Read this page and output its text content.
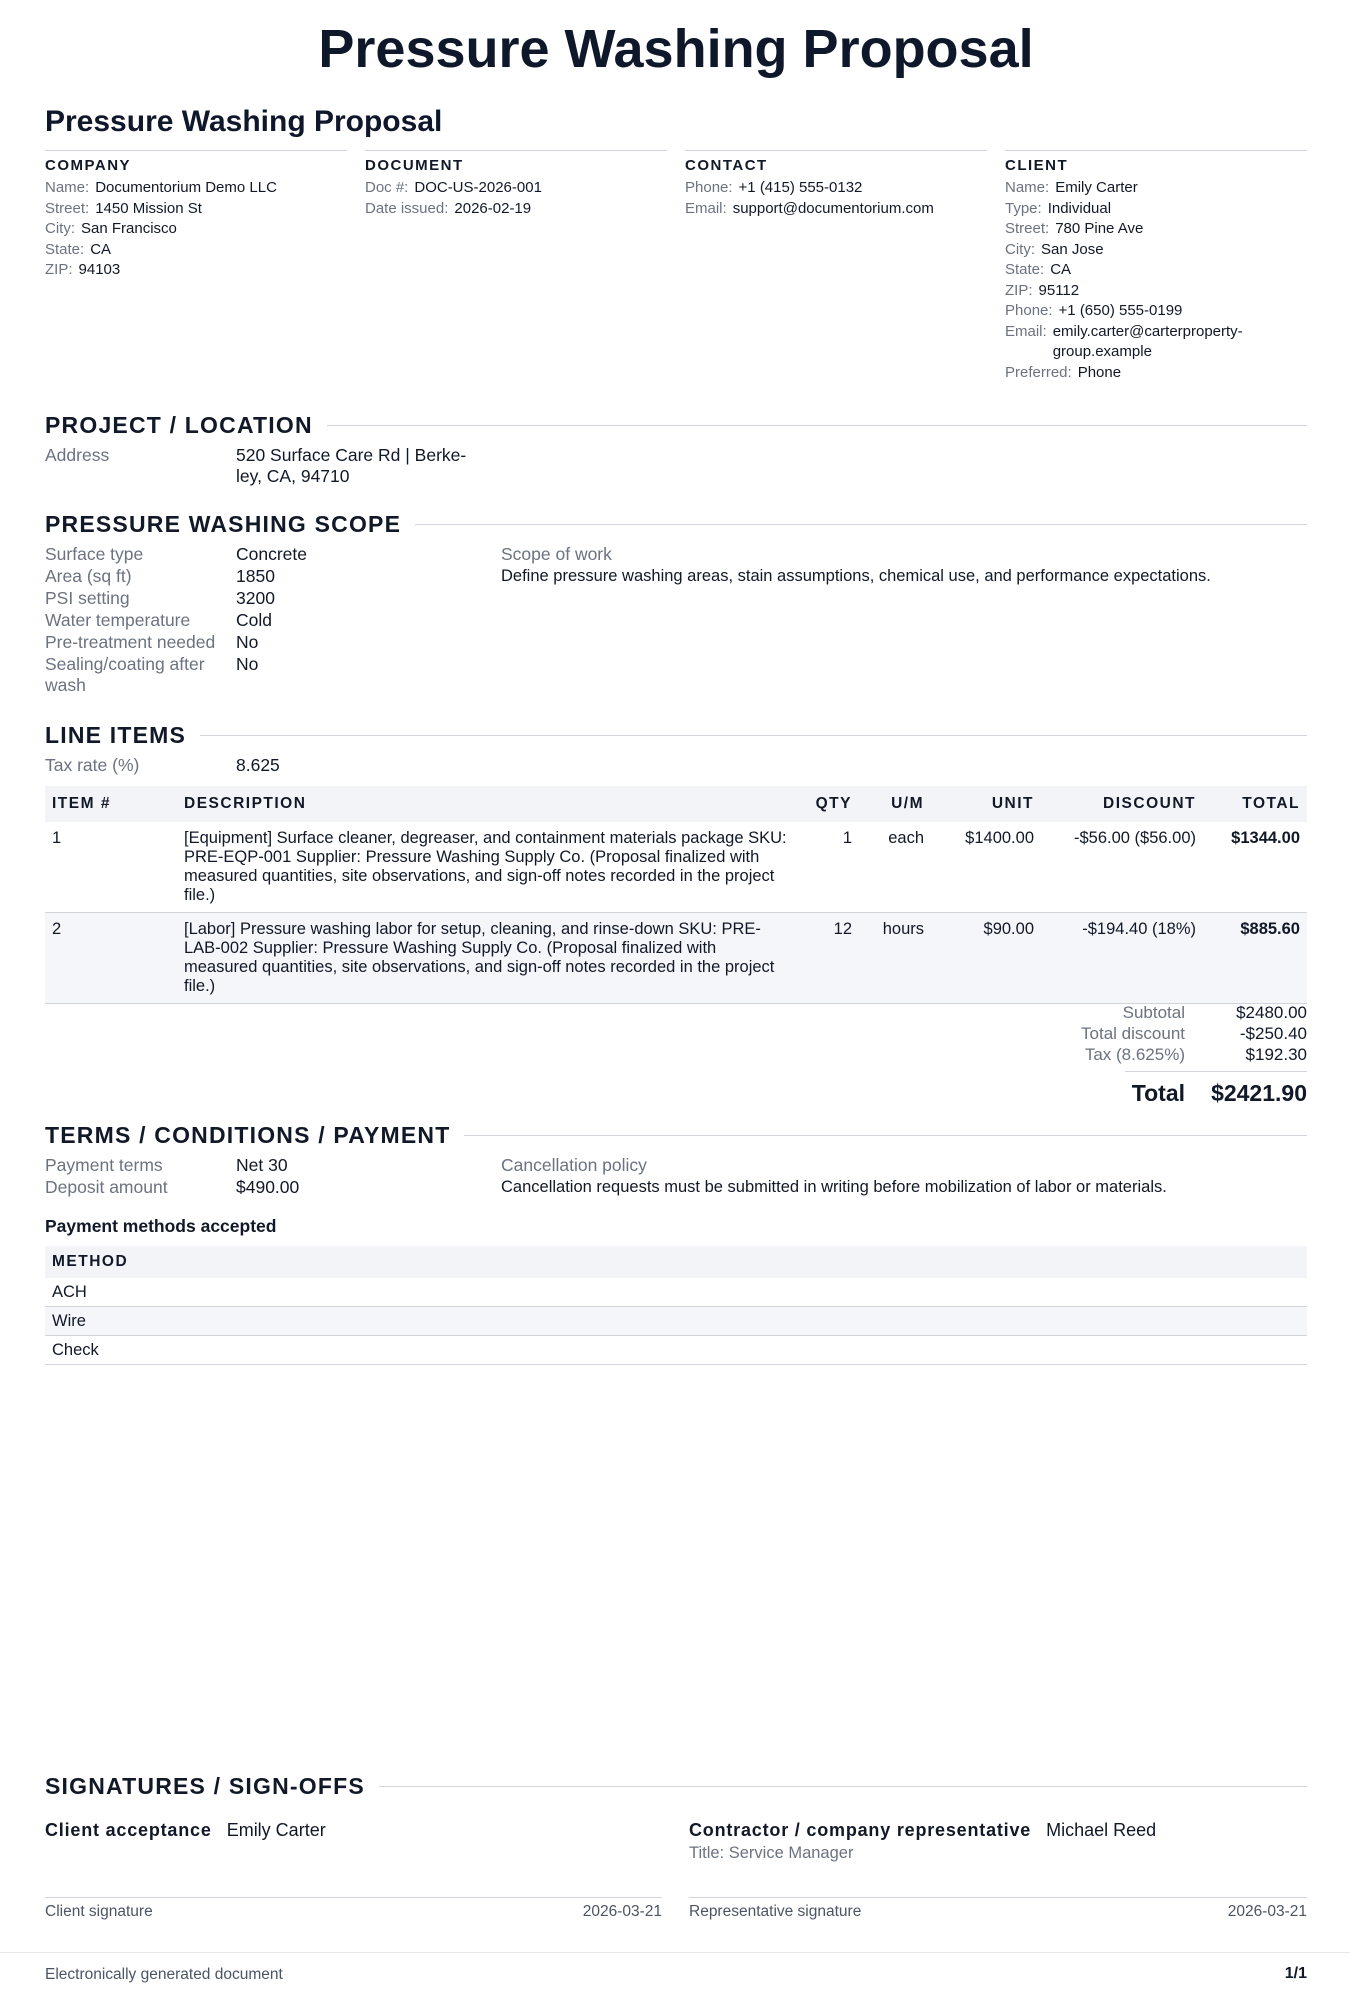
Pressure Washing Proposal
Pressure Washing Proposal
COMPANY
Name: Documentorium Demo LLC
Street: 1450 Mission St
City: San Francisco
State: CA
ZIP: 94103
DOCUMENT
Doc #: DOC-US-2026-001
Date issued: 2026-02-19
CONTACT
Phone: +1 (415) 555-0132
Email: support@documentorium.com
CLIENT
Name: Emily Carter
Type: Individual
Street: 780 Pine Ave
City: San Jose
State: CA
ZIP: 95112
Phone: +1 (650) 555-0199
Email: emily.carter@carterproperty-group.example
Preferred: Phone
PROJECT / LOCATION
Address	520 Surface Care Rd | Berke-ley, CA, 94710
PRESSURE WASHING SCOPE
Surface type	Concrete
Area (sq ft)	1850
PSI setting	3200
Water temperature	Cold
Pre-treatment needed No
Sealing/coating after wash
No
Scope of work
Define pressure washing areas, stain assumptions, chemical use, and performance expectations.
LINE ITEMS
Tax rate (%)	8.625
ITEM #	DESCRIPTION	QTY	U/M	UNIT	DISCOUNT	TOTAL
1	[Equipment] Surface cleaner, degreaser, and containment materials package SKU: PRE-EQP-001 Supplier: Pressure Washing Supply Co. (Proposal finalized with measured quantities, site observations, and sign-off notes recorded in the project file.)	1	each	$1400.00	-$56.00 ($56.00)	$1344.00
2	[Labor] Pressure washing labor for setup, cleaning, and rinse-down SKU: PRE-LAB-002 Supplier: Pressure Washing Supply Co. (Proposal finalized with measured quantities, site observations, and sign-off notes recorded in the project file.)	12	hours	$90.00	-$194.40 (18%)	$885.60
Subtotal	$2480.00
Total discount	-$250.40
Tax (8.625%)	$192.30
Total	$2421.90
TERMS / CONDITIONS / PAYMENT
Payment terms	Net 30
Deposit amount	$490.00
Cancellation policy
Cancellation requests must be submitted in writing before mobilization of labor or materials.
Payment methods accepted
METHOD
ACH
Wire
Check
SIGNATURES / SIGN-OFFS
Client acceptance Emily Carter	Contractor / company representative Michael Reed
Title: Service Manager
Client signature	2026-03-21 Representative signature	2026-03-21
Electronically generated document	1/1
